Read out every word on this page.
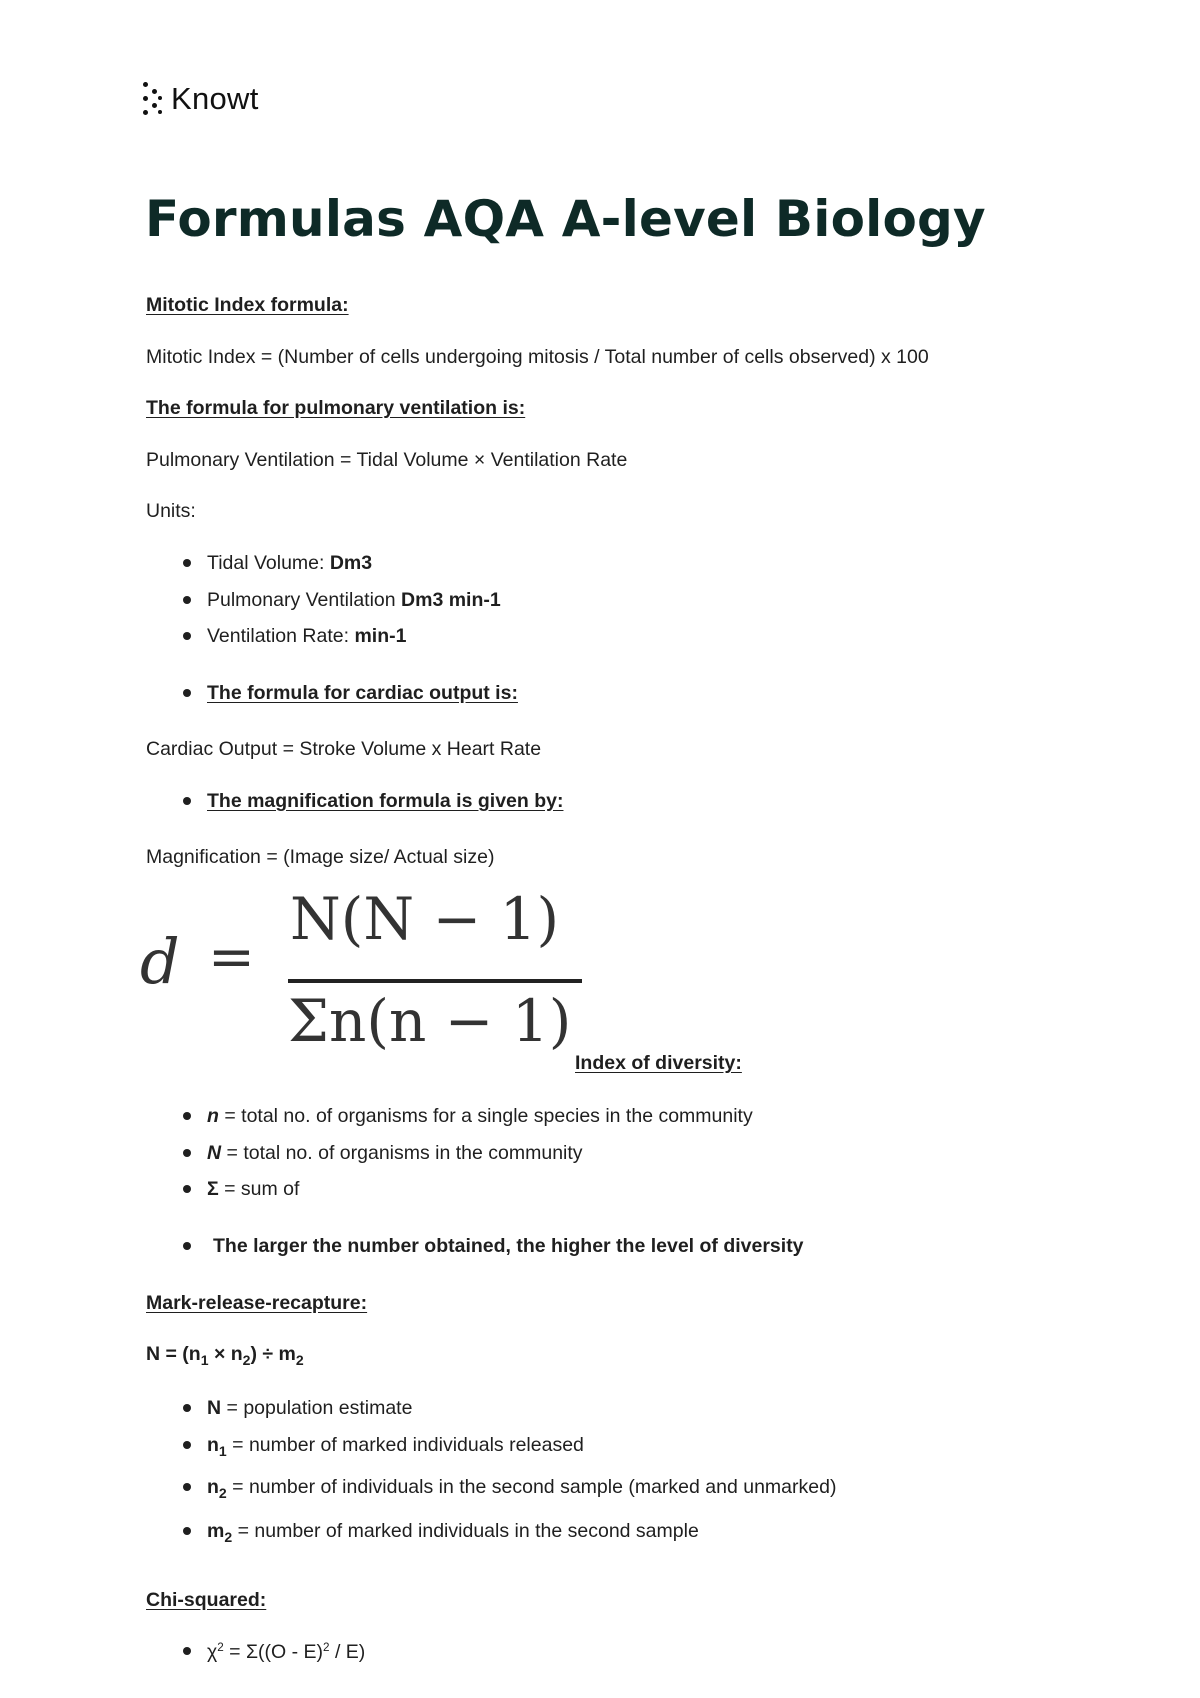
Knowt
Formulas AQA A-level Biology
Mitotic Index formula:
Mitotic Index = (Number of cells undergoing mitosis / Total number of cells observed) x 100
The formula for pulmonary ventilation is:
Pulmonary Ventilation = Tidal Volume × Ventilation Rate
Units:
Tidal Volume: Dm3
Pulmonary Ventilation Dm3 min-1
Ventilation Rate: min-1
The formula for cardiac output is:
Cardiac Output = Stroke Volume x Heart Rate
The magnification formula is given by:
Magnification = (Image size/ Actual size)
d =
N(N − 1)
Σn(n − 1)
Index of diversity:
n = total no. of organisms for a single species in the community
N = total no. of organisms in the community
Σ = sum of
The larger the number obtained, the higher the level of diversity
Mark-release-recapture:
$N = (n_1 \times n_2) \div m_2$
N = population estimate
$n_1$ = number of marked individuals released
$n_2$ = number of individuals in the second sample (marked and unmarked)
$m_2$ = number of marked individuals in the second sample
Chi-squared:
$\chi^2 = \Sigma((O - E)^2 / E)$
